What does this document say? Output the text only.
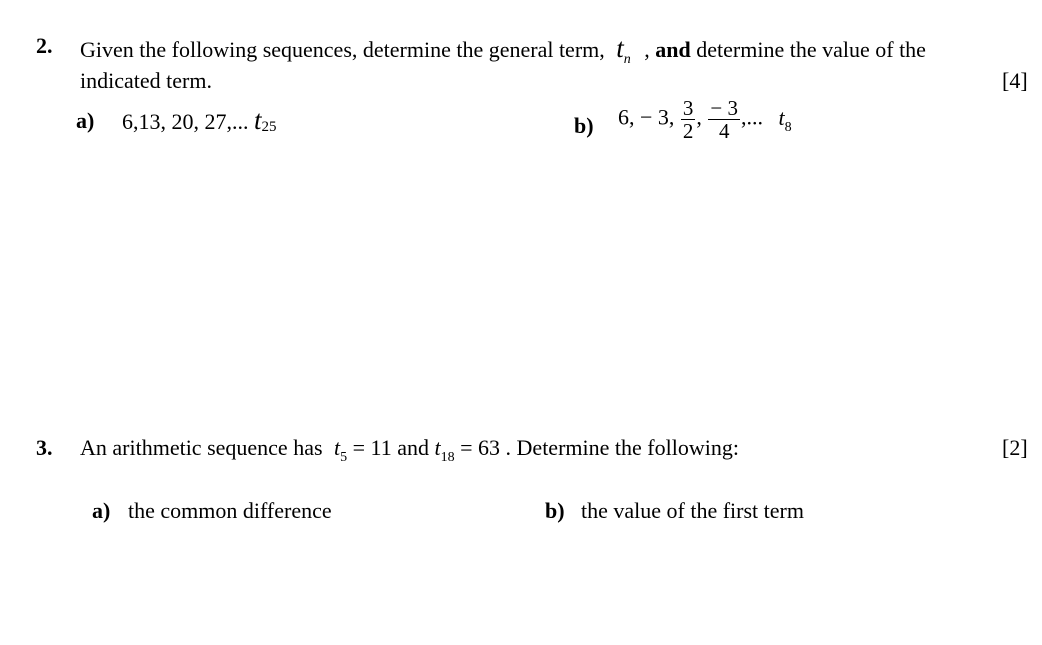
2. Given the following sequences, determine the general term, $t_n$ , and determine the value of the
indicated term.	[4]
a) 6,13, 20, 27,... t25	b) 6, − 3, $\frac{3}{2}$ , $\frac{- 3}{4}$ ,... $t_8$
3. An arithmetic sequence has $t_5 = 11$ and $t_{18} = 63$ . Determine the following:	[2]
a) the common difference	b) the value of the first term
